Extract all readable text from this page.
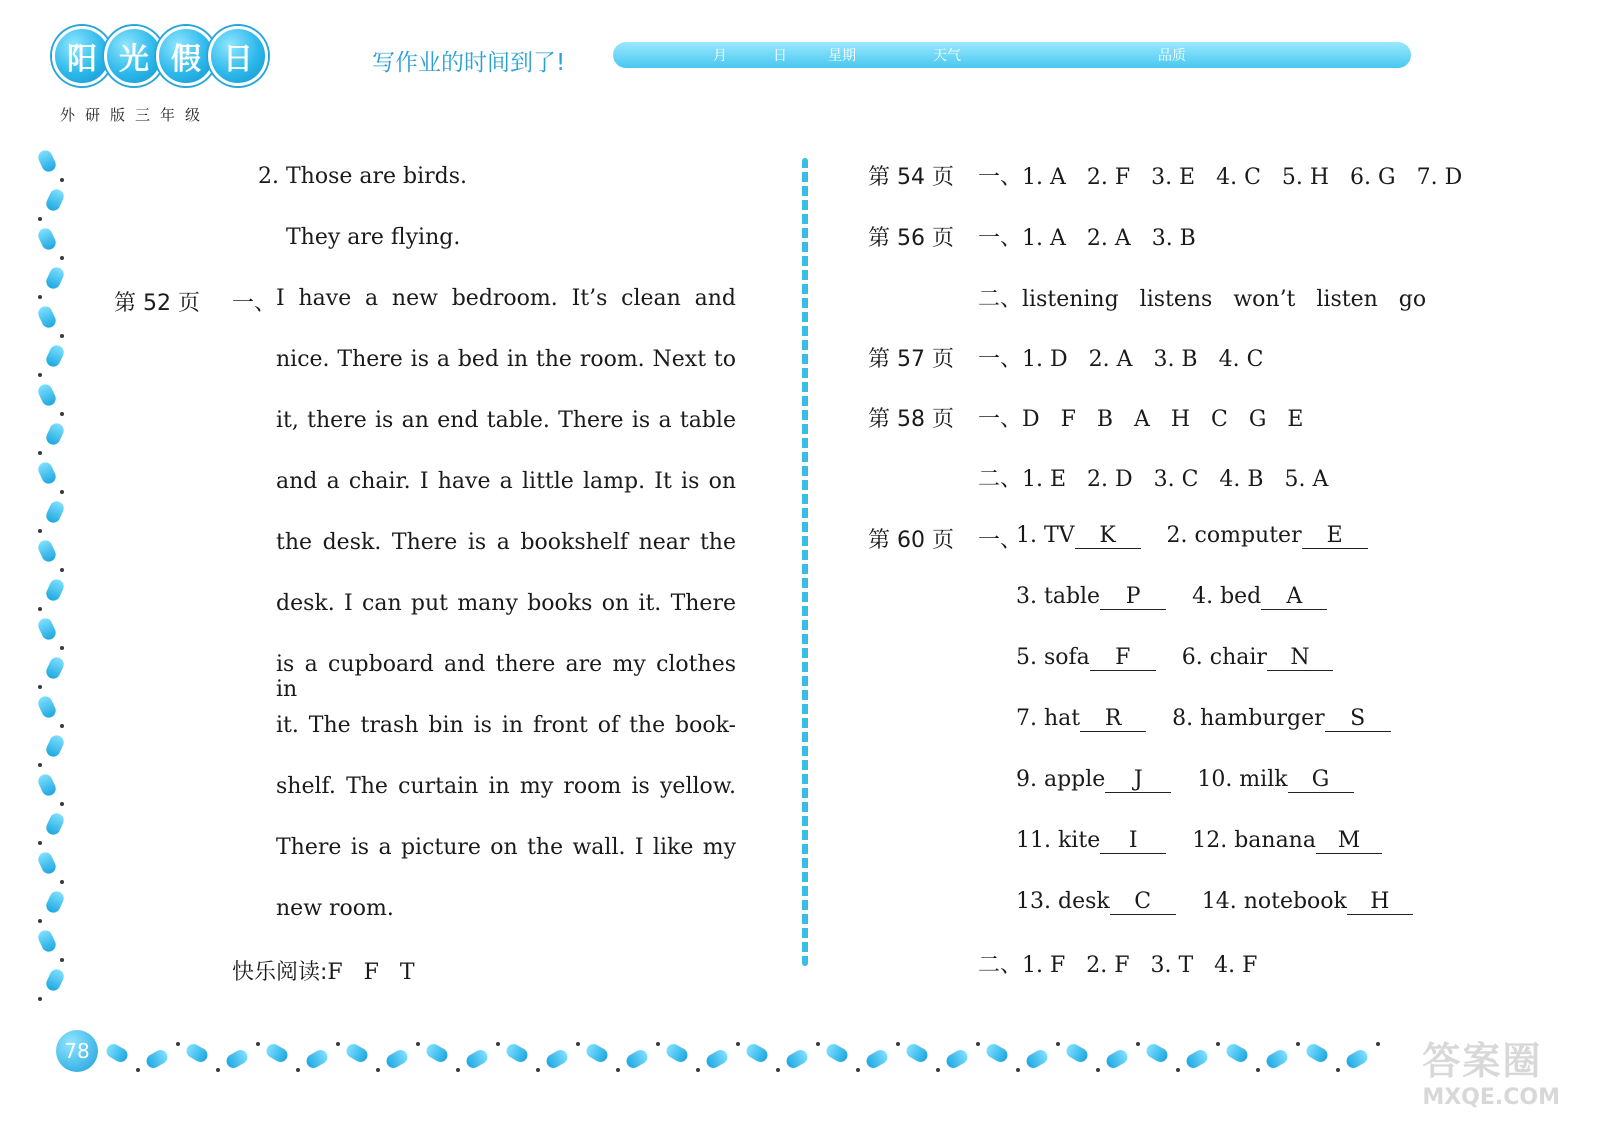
阳 光 假 日
外研版三年级
写作业的时间到了!	月	日	星期	天气	品质
78
2. Those are birds.
They are flying.
第 52 页 一、 I have a new bedroom. It’s clean and
nice. There is a bed in the room. Next to
it, there is an end table. There is a table
and a chair. I have a little lamp. It is on
the desk. There is a bookshelf near the
desk. I can put many books on it. There
is a cupboard and there are my clothes in
it. The trash bin is in front of the book-
shelf. The curtain in my room is yellow.
There is a picture on the wall. I like my
new room.
快乐阅读:F   F   T
第 54 页 一、1. A   2. F   3. E   4. C   5. H   6. G   7. D
第 56 页 一、1. A   2. A   3. B
二、listening   listens   won’t   listen   go
第 57 页 一、1. D   2. A   3. B   4. C
第 58 页 一、D   F   B   A   H   C   G   E
二、1. E   2. D   3. C   4. B   5. A
第 60 页 一、
1. TV K 2. computer E
3. table P 4. bed A
5. sofa F 6. chair N
7. hat R 8. hamburger S
9. apple J 10. milk G
11. kite I 12. banana M
13. desk C 14. notebook H
二、1. F   2. F   3. T   4. F
答案圈
MXQE.COM
